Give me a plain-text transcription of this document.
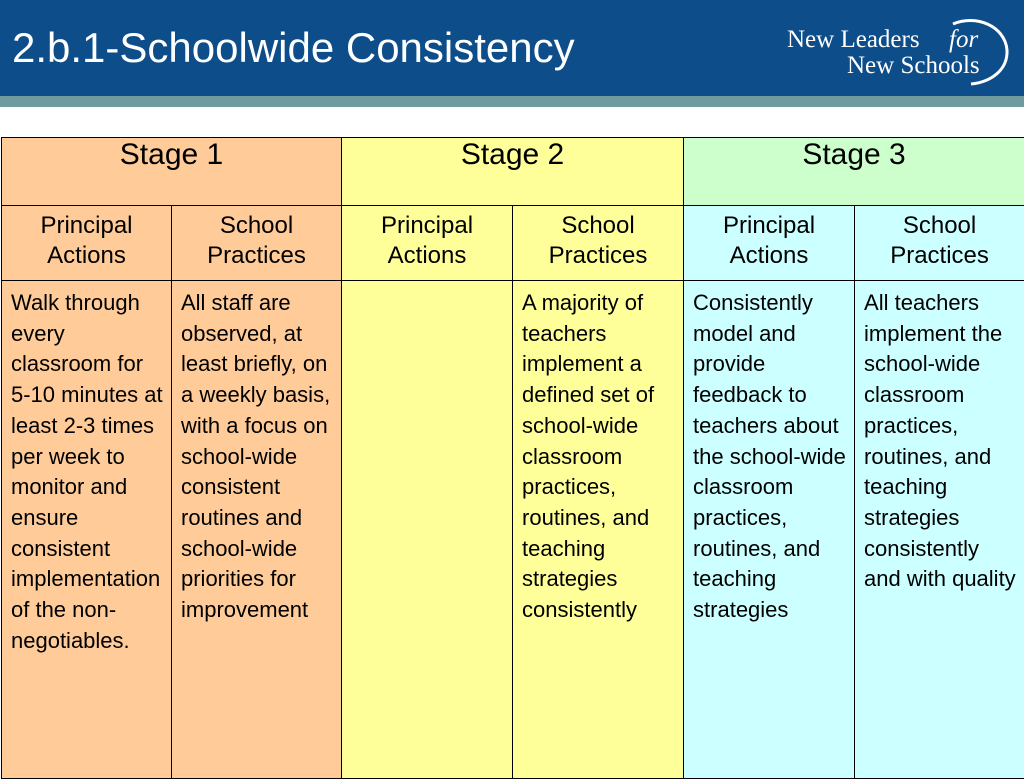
2.b.1-Schoolwide Consistency	New Leaders for
New Schools
Stage 1		Stage 2		Stage 3	
Principal Actions	School Practices	Principal Actions	School Practices	Principal Actions	School Practices
Walk through every classroom for 5-10 minutes at least 2-3 times per week to monitor and ensure consistent implementation of the non-negotiables.	All staff are observed, at least briefly, on a weekly basis, with a focus on school-wide consistent routines and school-wide priorities for improvement		A majority of teachers implement a defined set of school-wide classroom practices, routines, and teaching strategies consistently	Consistently model and provide feedback to teachers about the school-wide classroom practices, routines, and teaching strategies	All teachers implement the school-wide classroom practices, routines, and teaching strategies consistently and with quality
